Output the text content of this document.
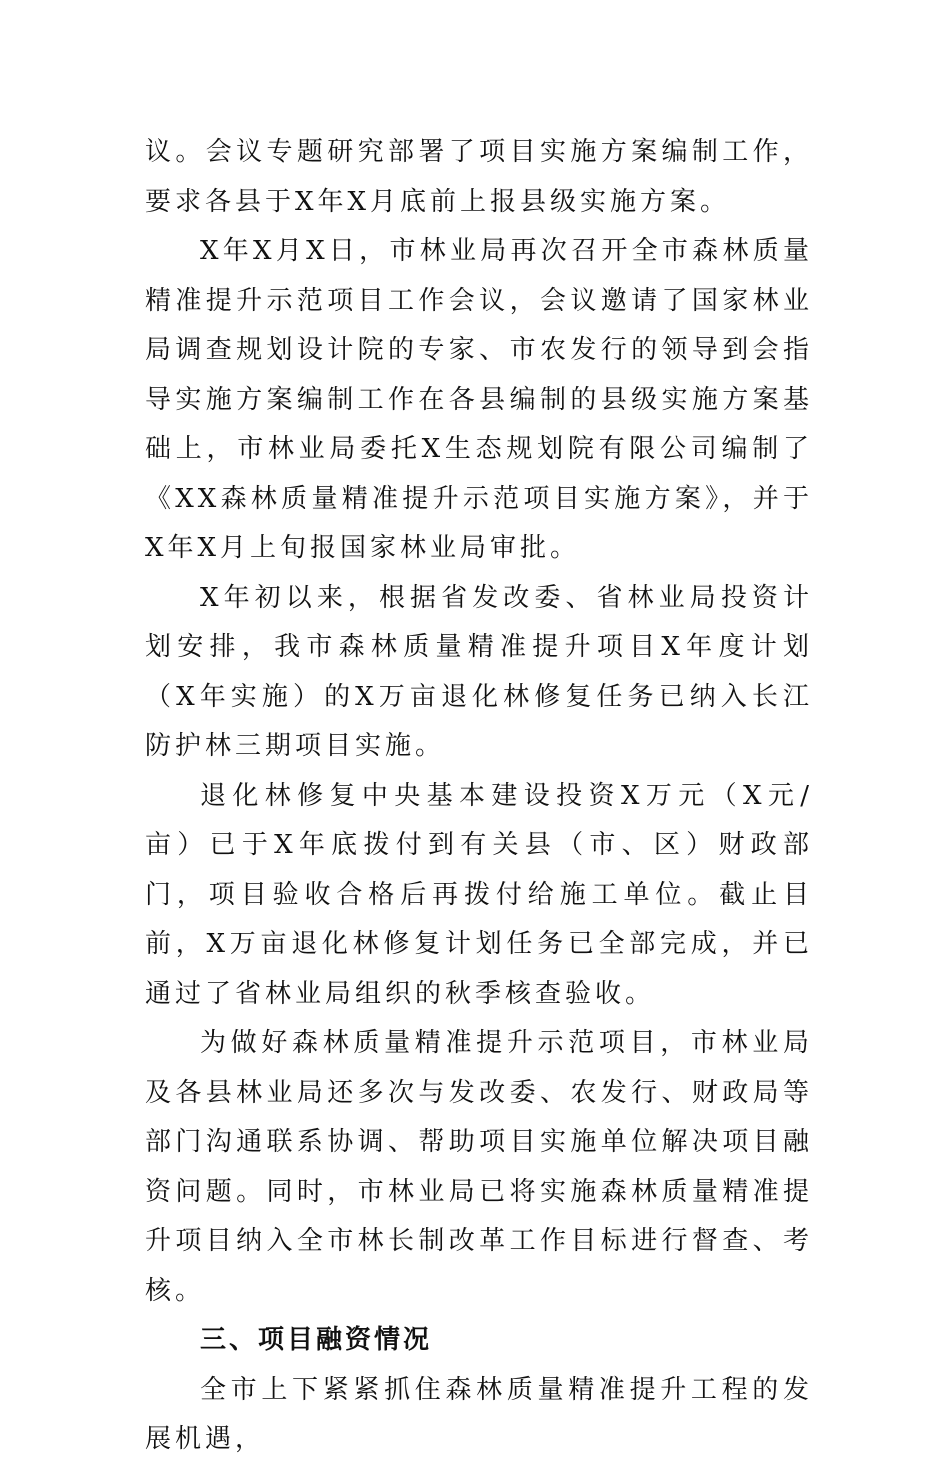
议。会议专题研究部署了项目实施方案编制工作，要求各县于X年X月底前上报县级实施方案。

X年X月X日，市林业局再次召开全市森林质量精准提升示范项目工作会议，会议邀请了国家林业局调查规划设计院的专家、市农发行的领导到会指导实施方案编制工作在各县编制的县级实施方案基础上，市林业局委托X生态规划院有限公司编制了《XX森林质量精准提升示范项目实施方案》，并于X年X月上旬报国家林业局审批。

X年初以来，根据省发改委、省林业局投资计划安排，我市森林质量精准提升项目X年度计划（X年实施）的X万亩退化林修复任务已纳入长江防护林三期项目实施。

退化林修复中央基本建设投资X万元（X元/亩）已于X年底拨付到有关县（市、区）财政部门，项目验收合格后再拨付给施工单位。截止目前，X万亩退化林修复计划任务已全部完成，并已通过了省林业局组织的秋季核查验收。

为做好森林质量精准提升示范项目，市林业局及各县林业局还多次与发改委、农发行、财政局等部门沟通联系协调、帮助项目实施单位解决项目融资问题。同时，市林业局已将实施森林质量精准提升项目纳入全市林长制改革工作目标进行督查、考核。

三、项目融资情况

全市上下紧紧抓住森林质量精准提升工程的发展机遇，
